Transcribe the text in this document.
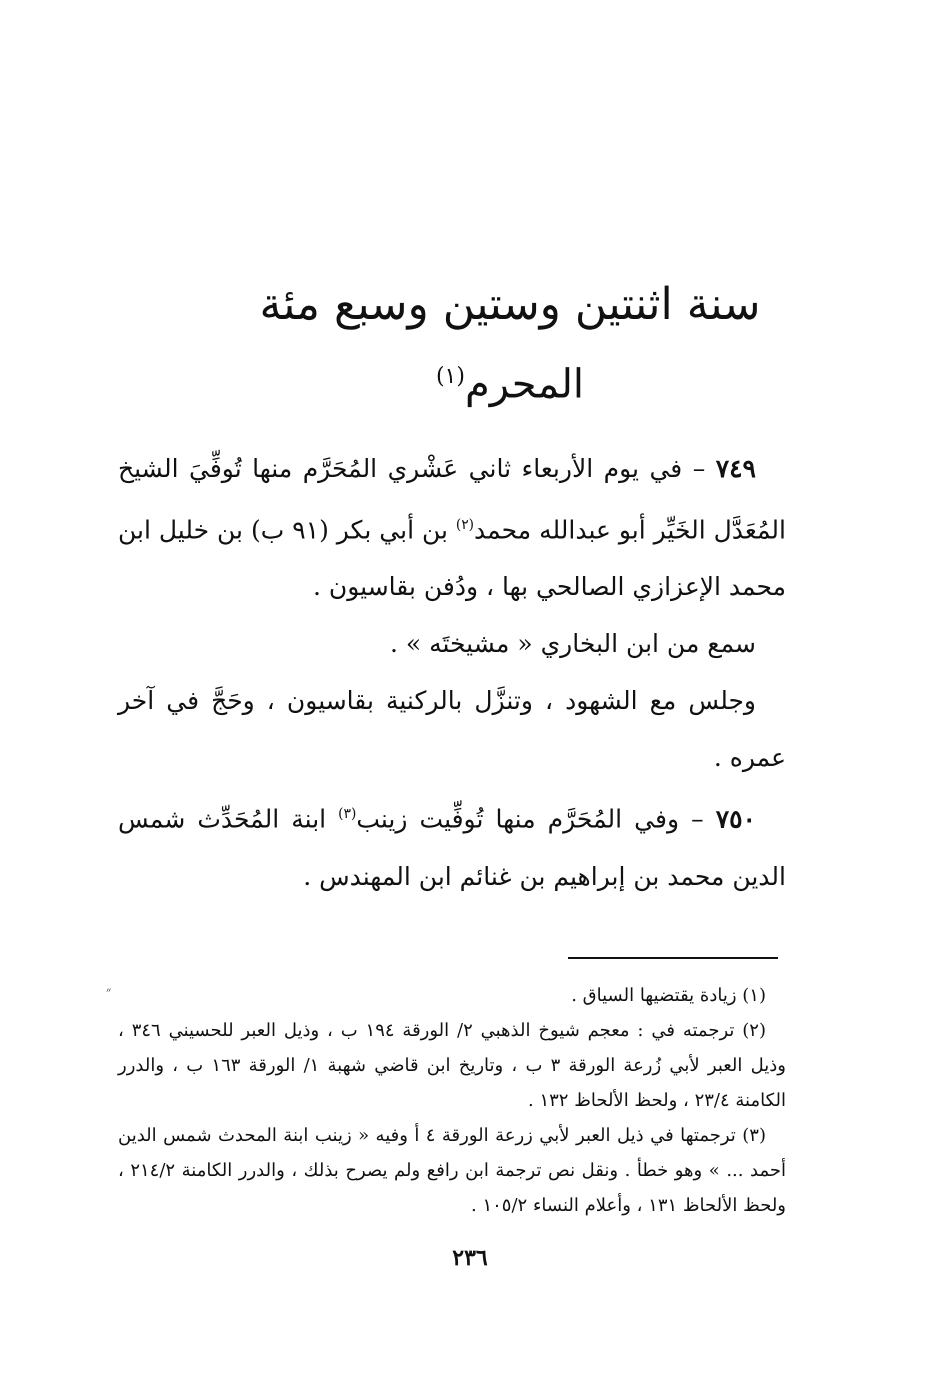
سنة اثنتين وستين وسبع مئة
المحرم$^{(١)}$

٧٤٩ – في يوم الأربعاء ثاني عَشْري المُحَرَّم منها تُوفِّيَ الشيخ المُعَدَّل الخَيِّر أبو عبدالله محمد$^{(٢)}$ بن أبي بكر (٩١ ب) بن خليل ابن محمد الإعزازي الصالحي بها ، ودُفن بقاسيون .

سمع من ابن البخاري « مشيختَه » .

وجلس مع الشهود ، وتنزَّل بالركنية بقاسيون ، وحَجَّ في آخر عمره .

٧٥٠ – وفي المُحَرَّم منها تُوفِّيت زينب$^{(٣)}$ ابنة المُحَدِّث شمس الدين محمد بن إبراهيم بن غنائم ابن المهندس .

״	(١) زيادة يقتضيها السياق .

(٢) ترجمته في : معجم شيوخ الذهبي ٢/ الورقة ١٩٤ ب ، وذيل العبر للحسيني ٣٤٦ ، وذيل العبر لأبي زُرعة الورقة ٣ ب ، وتاريخ ابن قاضي شهبة ١/ الورقة ١٦٣ ب ، والدرر الكامنة ٢٣/٤ ، ولحظ الألحاظ ١٣٢ .

(٣) ترجمتها في ذيل العبر لأبي زرعة الورقة ٤ أ وفيه « زينب ابنة المحدث شمس الدين أحمد ... » وهو خطأ . ونقل نص ترجمة ابن رافع ولم يصرح بذلك ، والدرر الكامنة ٢١٤/٢ ، ولحظ الألحاظ ١٣١ ، وأعلام النساء ١٠٥/٢ .

٢٣٦
